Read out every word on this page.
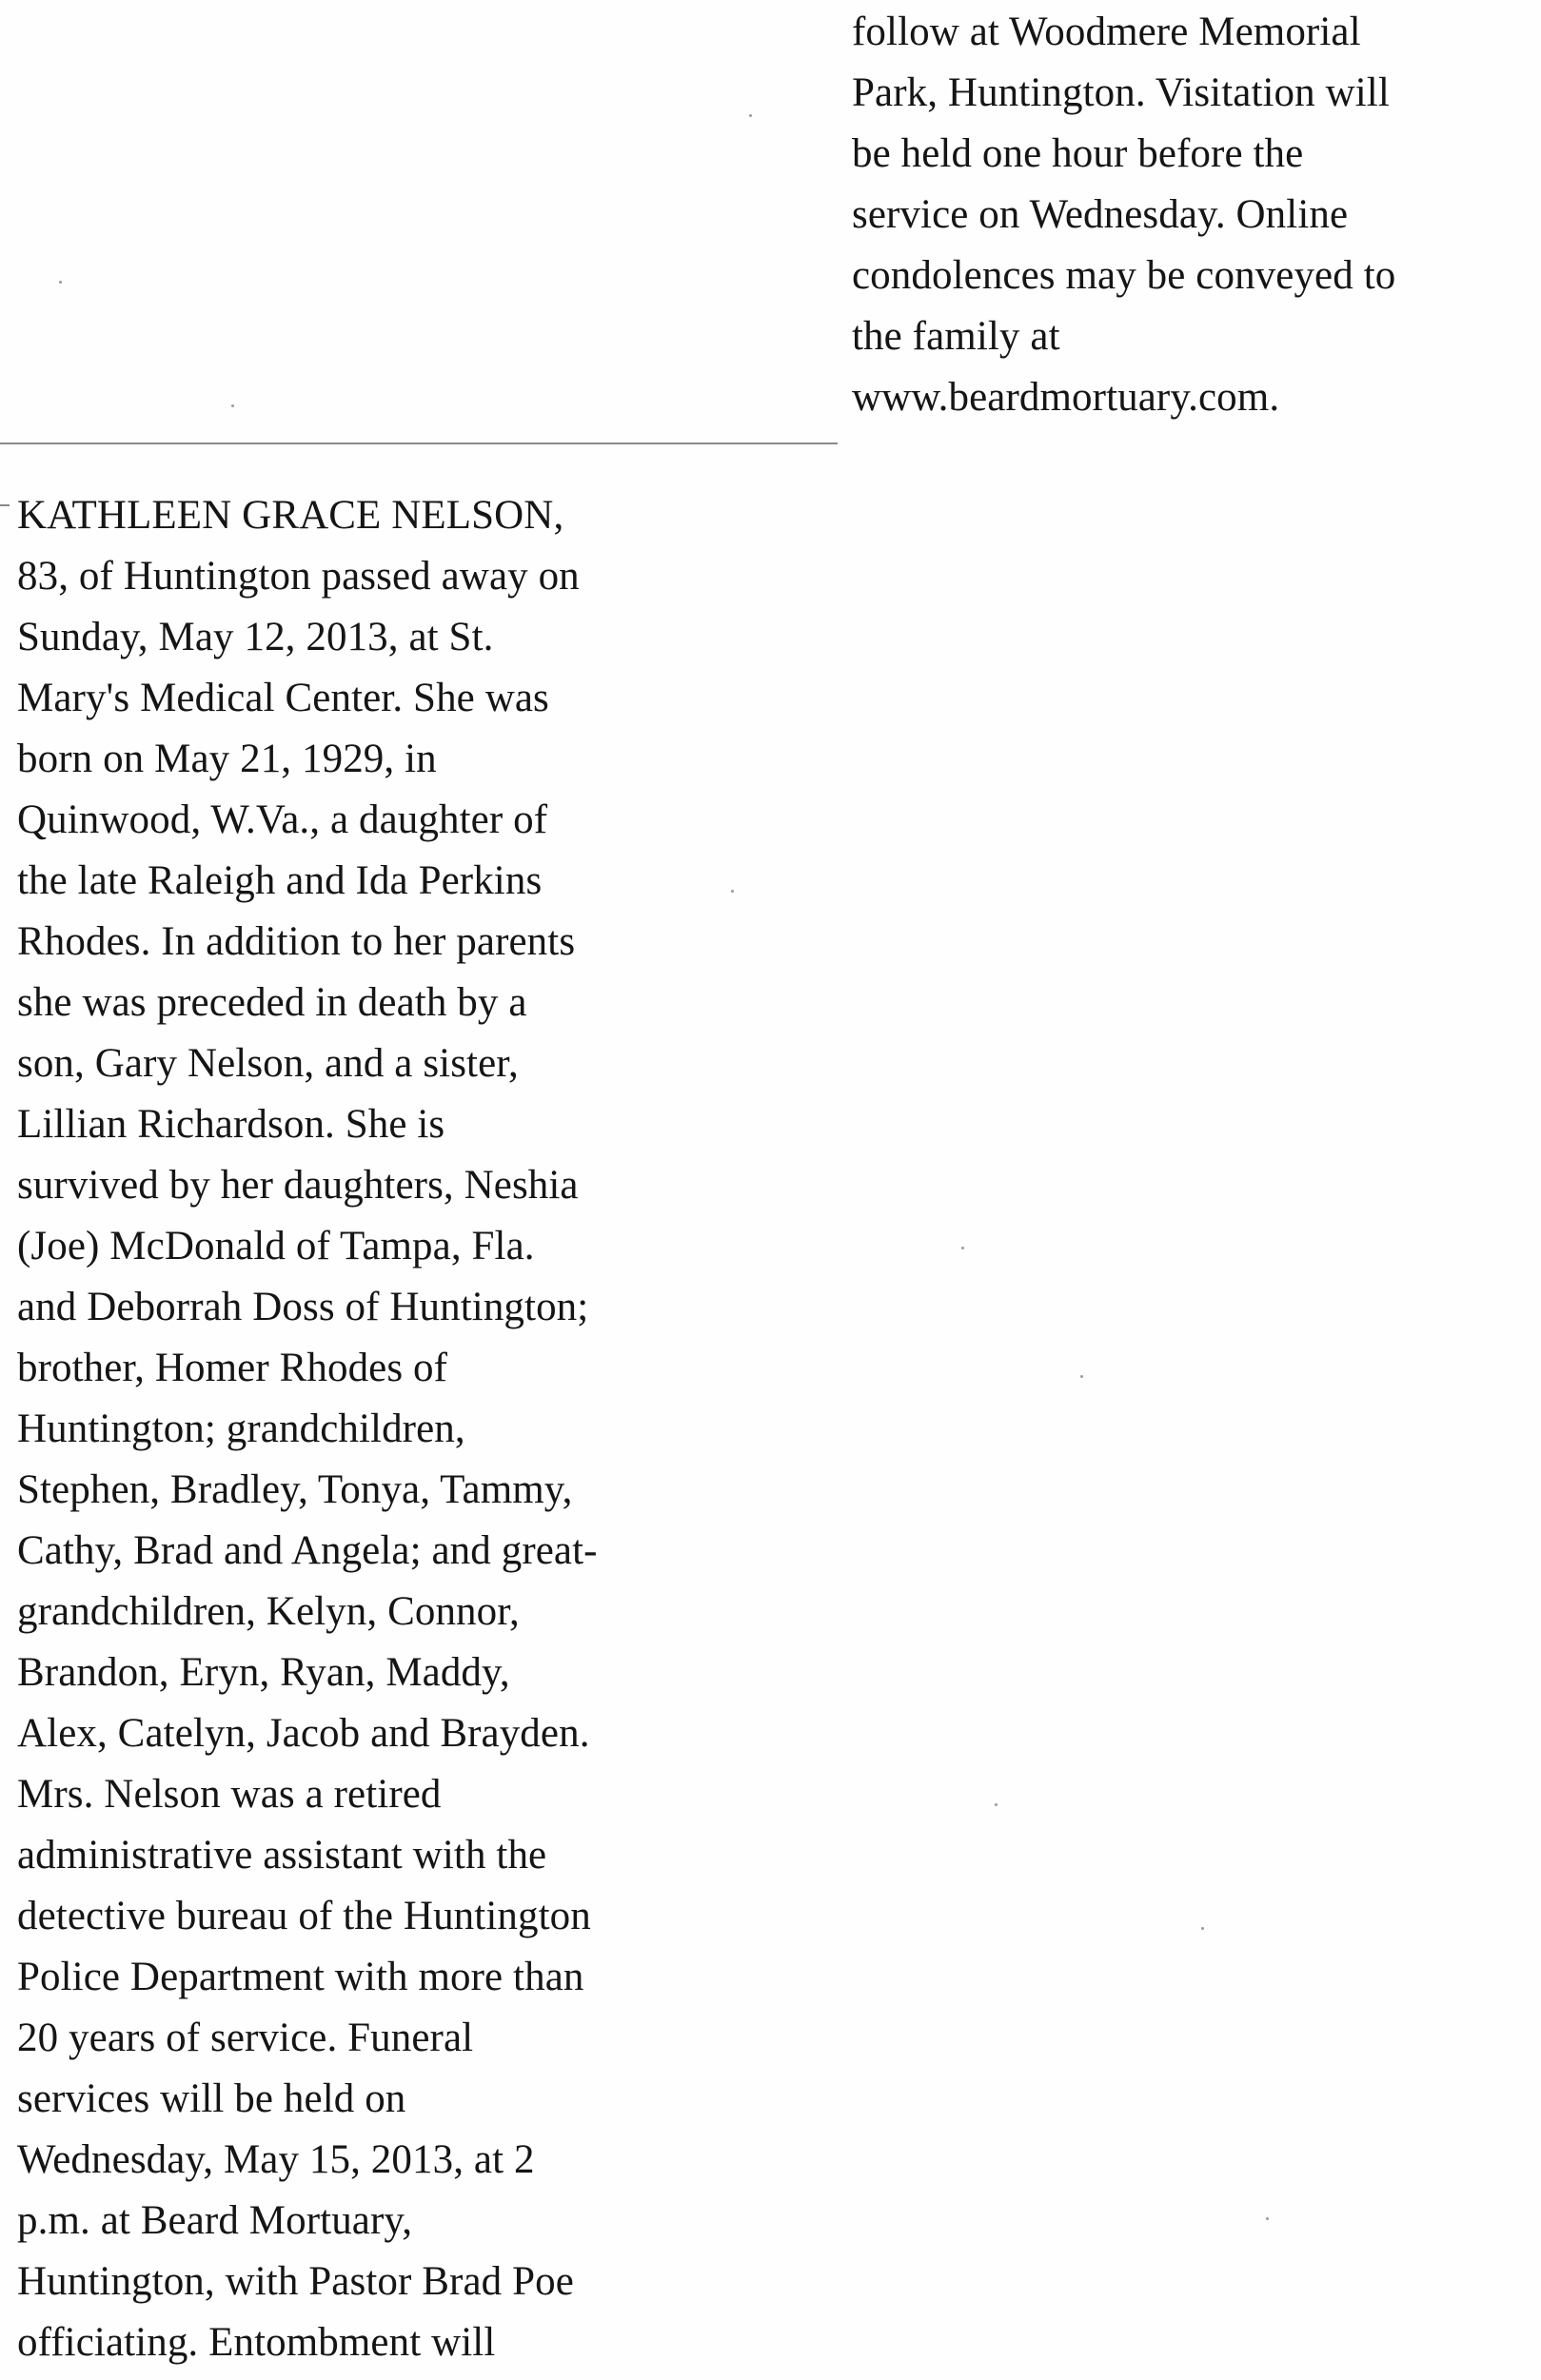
follow at Woodmere Memorial
Park, Huntington. Visitation will
be held one hour before the
service on Wednesday. Online
condolences may be conveyed to
the family at
www.beardmortuary.com.
KATHLEEN GRACE NELSON,
83, of Huntington passed away on
Sunday, May 12, 2013, at St.
Mary's Medical Center. She was
born on May 21, 1929, in
Quinwood, W.Va., a daughter of
the late Raleigh and Ida Perkins
Rhodes. In addition to her parents
she was preceded in death by a
son, Gary Nelson, and a sister,
Lillian Richardson. She is
survived by her daughters, Neshia
(Joe) McDonald of Tampa, Fla.
and Deborrah Doss of Huntington;
brother, Homer Rhodes of
Huntington; grandchildren,
Stephen, Bradley, Tonya, Tammy,
Cathy, Brad and Angela; and great-
grandchildren, Kelyn, Connor,
Brandon, Eryn, Ryan, Maddy,
Alex, Catelyn, Jacob and Brayden.
Mrs. Nelson was a retired
administrative assistant with the
detective bureau of the Huntington
Police Department with more than
20 years of service. Funeral
services will be held on
Wednesday, May 15, 2013, at 2
p.m. at Beard Mortuary,
Huntington, with Pastor Brad Poe
officiating. Entombment will
